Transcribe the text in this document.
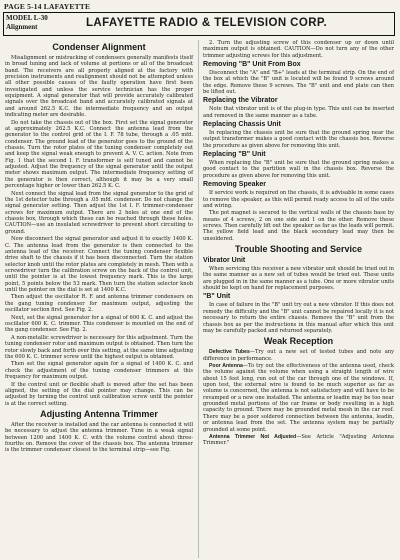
PAGE 5-14 LAFAYETTE
MODEL L-30
Alignment	LAFAYETTE RADIO & TELEVISION CORP.
Condenser Alignment

Misalignment or mistracking of condensers generally manifests itself in broad tuning and lack of volume at portions or all of the broadcast band. The receivers are all properly aligned at the factory with precision instruments and realignment should not be attempted unless all other possible causes of the faulty operation have first been investigated and unless the service technician has the proper equipment. A signal generator that will provide accurately calibrated signals over the broadcast band and accurately calibrated signals at and around 262.5 K.C. the intermediate frequency and an output indicating meter are desirable.

Do not take the chassis out of the box. First set the signal generator at approximately 262.5 K.C. Connect the antenna lead from the generator to the control grid of the I. F. 78 tube, through a .05 mfd. condenser. The ground lead of the generator goes to the ground of the chassis. Turn the rotor plates of the tuning condenser completely out and keep the signal weak enough to prevent A. V. C. action. Note from Fig. 1 that the second I. F. transformer is self tuned and cannot be adjusted. Adjust the frequency of the signal generator until the output meter shows maximum output. The intermediate frequency setting of the generator is then correct, although it may be a very small percentage higher or lower than 262.5 K. C.

Next connect the signal lead from the signal generator to the grid of the 1st detector tube through a .05 mfd. condenser. Do not change the signal generator setting. Then adjust the 1st I. F. trimmer-condenser screws for maximum output. There are 2 holes at one end of the chassis box, through which these can be reached through these holes. CAUTION—use an insulated screwdriver to prevent short circuiting to ground.

Now disconnect the signal generator and adjust it to exactly 1400 K. C. The antenna lead from the generator is then connected to the antenna lead of the receiver. Connect the tuning condenser flexible drive shaft to the chassis if it has been disconnected. Turn the station selector knob until the rotor plates are completely in mesh. Then with a screwdriver turn the calibration screw on the back of the control unit, until the pointer is at the lowest frequency mark. This is the large point, 5 points below the 53 mark. Then turn the station selector knob until the pointer on the dial is set at 1400 K.C.

Then adjust the oscillator R. F. and antenna trimmer condensers on the gang tuning condenser for maximum output, adjusting the oscillator section first. See Fig. 2.

Next, set the signal generator for a signal of 600 K. C. and adjust the oscillator 600 K. C. trimmer. This condenser is mounted on the end of the gang condenser. See Fig. 2.

A non-metallic screwdriver is necessary for this adjustment. Turn the tuning condenser rotor and maximum output is obtained. Then turn the rotor slowly back and forth over this setting, at the same time adjusting the 600 K. C. trimmer screw until the highest output is obtained.

Then set the signal generator again for a signal of 1400 K. C. and check the adjustment of the tuning condenser trimmers at this frequency for maximum output.

If the control unit or flexible shaft is moved after the set has been aligned, the setting of the dial pointer may change. This can be adjusted by turning the control unit calibration screw until the pointer is at the correct setting.

Adjusting Antenna Trimmer

After the receiver is installed and the car antenna is connected it will be necessary to adjust the antenna trimmer. Tune in a weak signal between 1200 and 1400 K. C. with the volume control about three-fourths on. Remove the cover of the chassis box. The antenna trimmer is the trimmer condenser closest to the terminal strip—see Fig.

2. Turn the adjusting screw of this condenser up or down until maximum output is obtained. CAUTION—Do not turn any of the other trimmer adjusting screws for this adjustment.

Removing "B" Unit From Box

Disconnect the "A" and "B+" leads at the terminal strip. On the end of the box at which the "B" unit is located will be found 9 screws around the edge. Remove these 9 screws. The "B" unit and end plate can then be lifted out.

Replacing the Vibrator

Note that vibrator unit is of the plug-in type. This unit can be inserted and removed in the same manner as a tube.

Replacing Chassis Unit

In replacing the chassis unit be sure that the ground spring near the output transformer makes a good contact with the chassis box. Reverse the procedure as given above for removing this unit.

Replacing "B" Unit

When replacing the "B" unit be sure that the ground spring makes a good contact to the partition wall in the chassis box. Reverse the procedure as given above for removing this unit.

Removing Speaker

If service work is required on the chassis, it is advisable in some cases to remove the speaker, as this will permit ready access to all of the units and wiring.

The pot magnet is secured to the vertical walls of the chassis base by means of 4 screws, 2 on one side and 1 on the other. Remove these screws. Then carefully lift out the speaker as far as the leads will permit. The yellow field lead and the black secondary lead may then be unsoldered.

Trouble Shooting and Service
Vibrator Unit

When servicing this receiver a new vibrator unit should be tried out in the same manner as a new set of tubes would be tried out. These units are plugged in in the same manner as a tube. One or more vibrator units should be kept on hand for replacement purposes.

"B" Unit

In case of failure in the "B" unit try out a new vibrator. If this does not remedy the difficulty and the "B" unit cannot be repaired locally it is not necessary to return the entire chassis. Remove the "B" unit from the chassis box as per the instructions in this manual after which this unit may be carefully packed and returned separately.

Weak Reception

Defective Tubes—Try out a new set of tested tubes and note any difference in performance.

Poor Antenna—To try out the effectiveness of the antenna used, check the volume against the volume when using a straight length of wire about 15 feet long, run out of the car through one of the windows. If, upon test, the external wire is found to be much superior as far as volume is concerned, the antenna is not satisfactory and will have to be revamped or a new one installed. The antenna or leadin may be too near grounded metal portions of the car frame or body resulting in a high capacity to ground. There may be grounded metal mesh in the car roof. There may be a poor soldered connection between the antenna, leadin, or antenna lead from the set. The antenna system may be partially grounded at some point.

Antenna Trimmer Not Adjusted—See Article "Adjusting Antenna Trimmer."
